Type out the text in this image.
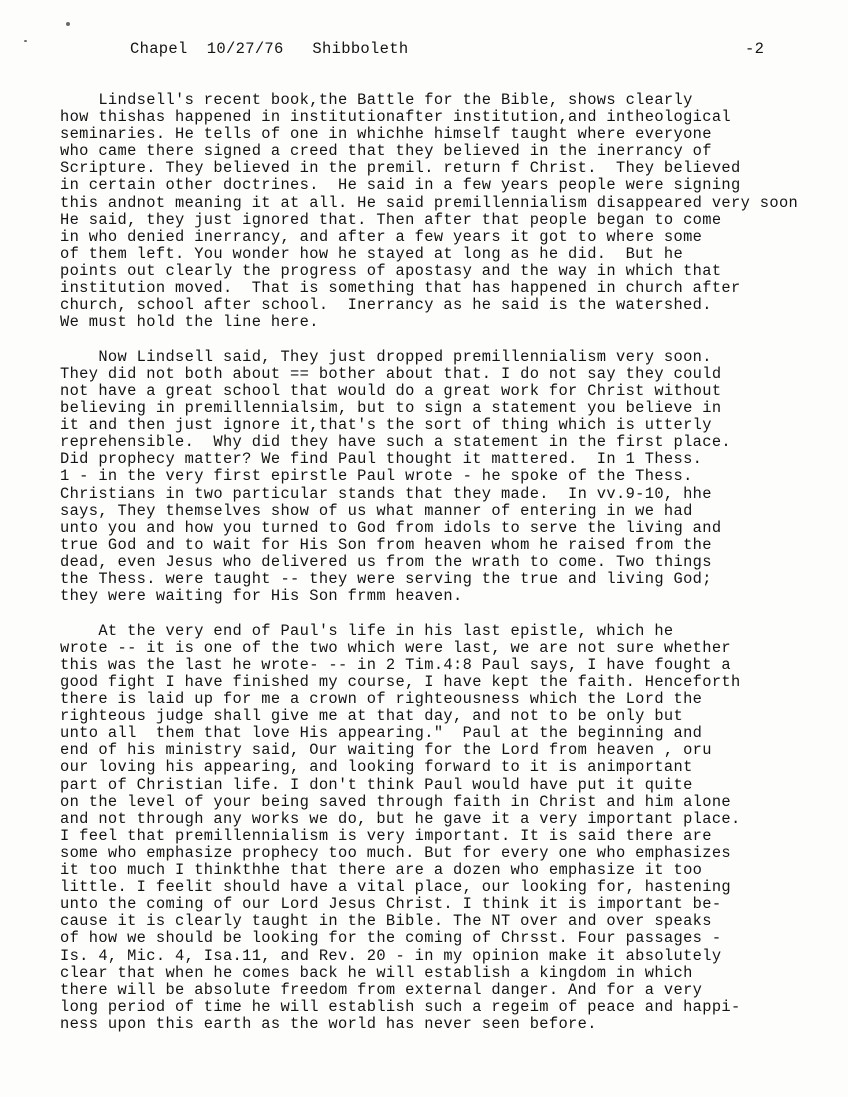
Chapel  10/27/76   Shibboleth	-2
Lindsell's recent book,the Battle for the Bible, shows clearly
how thishas happened in institutionafter institution,and intheological
seminaries. He tells of one in whichhe himself taught where everyone
who came there signed a creed that they believed in the inerrancy of
Scripture. They believed in the premil. return f Christ.  They believed
in certain other doctrines.  He said in a few years people were signing
this andnot meaning it at all. He said premillennialism disappeared very soon
He said, they just ignored that. Then after that people began to come
in who denied inerrancy, and after a few years it got to where some
of them left. You wonder how he stayed at long as he did.  But he
points out clearly the progress of apostasy and the way in which that
institution moved.  That is something that has happened in church after
church, school after school.  Inerrancy as he said is the watershed.
We must hold the line here.
Now Lindsell said, They just dropped premillennialism very soon.
They did not both about == bother about that. I do not say they could
not have a great school that would do a great work for Christ without
believing in premillennialsim, but to sign a statement you believe in
it and then just ignore it,that's the sort of thing which is utterly
reprehensible.  Why did they have such a statement in the first place.
Did prophecy matter? We find Paul thought it mattered.  In 1 Thess.
1 - in the very first epirstle Paul wrote - he spoke of the Thess.
Christians in two particular stands that they made.  In vv.9-10, hhe
says, They themselves show of us what manner of entering in we had
unto you and how you turned to God from idols to serve the living and
true God and to wait for His Son from heaven whom he raised from the
dead, even Jesus who delivered us from the wrath to come. Two things
the Thess. were taught -- they were serving the true and living God;
they were waiting for His Son frmm heaven.
At the very end of Paul's life in his last epistle, which he
wrote -- it is one of the two which were last, we are not sure whether
this was the last he wrote- -- in 2 Tim.4:8 Paul says, I have fought a
good fight I have finished my course, I have kept the faith. Henceforth
there is laid up for me a crown of righteousness which the Lord the
righteous judge shall give me at that day, and not to be only but
unto all  them that love His appearing."  Paul at the beginning and
end of his ministry said, Our waiting for the Lord from heaven , oru
our loving his appearing, and looking forward to it is animportant
part of Christian life. I don't think Paul would have put it quite
on the level of your being saved through faith in Christ and him alone
and not through any works we do, but he gave it a very important place.
I feel that premillennialism is very important. It is said there are
some who emphasize prophecy too much. But for every one who emphasizes
it too much I thinkthhe that there are a dozen who emphasize it too
little. I feelit should have a vital place, our looking for, hastening
unto the coming of our Lord Jesus Christ. I think it is important be-
cause it is clearly taught in the Bible. The NT over and over speaks
of how we should be looking for the coming of Chrsst. Four passages -
Is. 4, Mic. 4, Isa.11, and Rev. 20 - in my opinion make it absolutely
clear that when he comes back he will establish a kingdom in which
there will be absolute freedom from external danger. And for a very
long period of time he will establish such a regeim of peace and happi-
ness upon this earth as the world has never seen before.
